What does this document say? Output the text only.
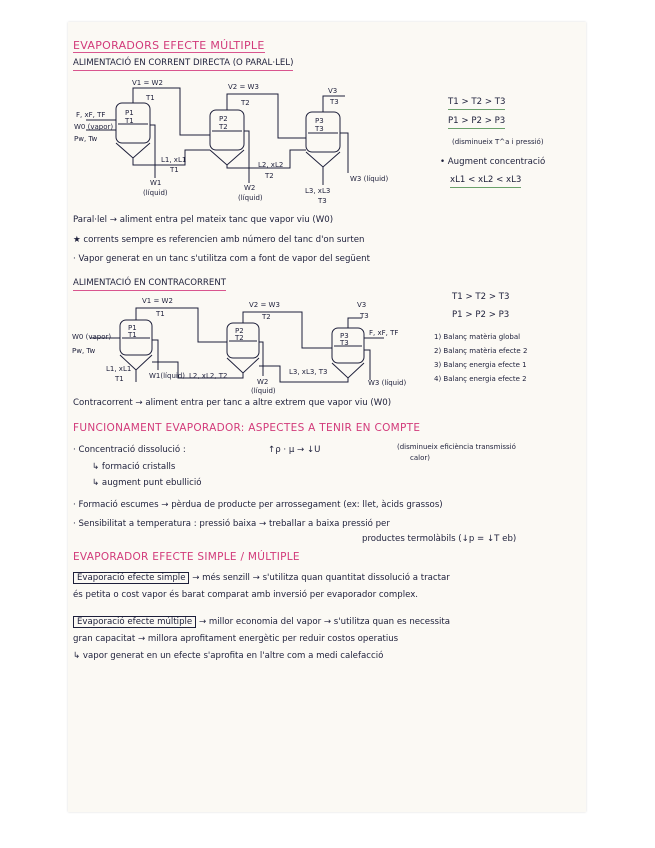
EVAPORADORS EFECTE MÚLTIPLE
ALIMENTACIÓ EN CORRENT DIRECTA (O PARAL·LEL)
F, xF, TF
W0 (vapor)
Pw, Tw
V1 = W2	V2 = W3	V3
T3
T1
T2
P1
T1	P2
T2
P3
T3
L1, xL1
T1
L2, xL2
T2
L3, xL3
T3
W1
(líquid)
W2
(líquid)
W3 (líquid)
T1 > T2 > T3
P1 > P2 > P3
(disminueix T^a i pressió)
• Augment concentració
xL1 < xL2 < xL3
Paral·lel → aliment entra pel mateix tanc que vapor viu (W0)
★ corrents sempre es referencien amb número del tanc d'on surten
· Vapor generat en un tanc s'utilitza com a font de vapor del següent
ALIMENTACIÓ EN CONTRACORRENT
W0 (vapor)
Pw, Tw
F, xF, TF
V1 = W2
T1
V2 = W3
T2
V3
T3
P1
T1	P2
T2	P3
T3
L1, xL1
T1	L2, xL2, T2	L3, xL3, T3
W1(líquid)
W2
(líquid)
W3 (líquid)
T1 > T2 > T3
P1 > P2 > P3
1) Balanç matèria global
2) Balanç matèria efecte 2
3) Balanç energia efecte 1
4) Balanç energia efecte 2
Contracorrent → aliment entra per tanc a altre extrem que vapor viu (W0)
FUNCIONAMENT EVAPORADOR: ASPECTES A TENIR EN COMPTE
· Concentració dissolució :	↑ρ · μ → ↓U	(disminueix eficiència transmissió
calor)
↳ formació cristalls
↳ augment punt ebullició
· Formació escumes → pèrdua de producte per arrossegament (ex: llet, àcids grassos)
· Sensibilitat a temperatura : pressió baixa → treballar a baixa pressió per
productes termolàbils (↓p = ↓T eb)
EVAPORADOR EFECTE SIMPLE / MÚLTIPLE
Evaporació efecte simple → més senzill → s'utilitza quan quantitat dissolució a tractar
és petita o cost vapor és barat comparat amb inversió per evaporador complex.
Evaporació efecte múltiple → millor economia del vapor → s'utilitza quan es necessita
gran capacitat → millora aprofitament energètic per reduir costos operatius
↳ vapor generat en un efecte s'aprofita en l'altre com a medi calefacció
